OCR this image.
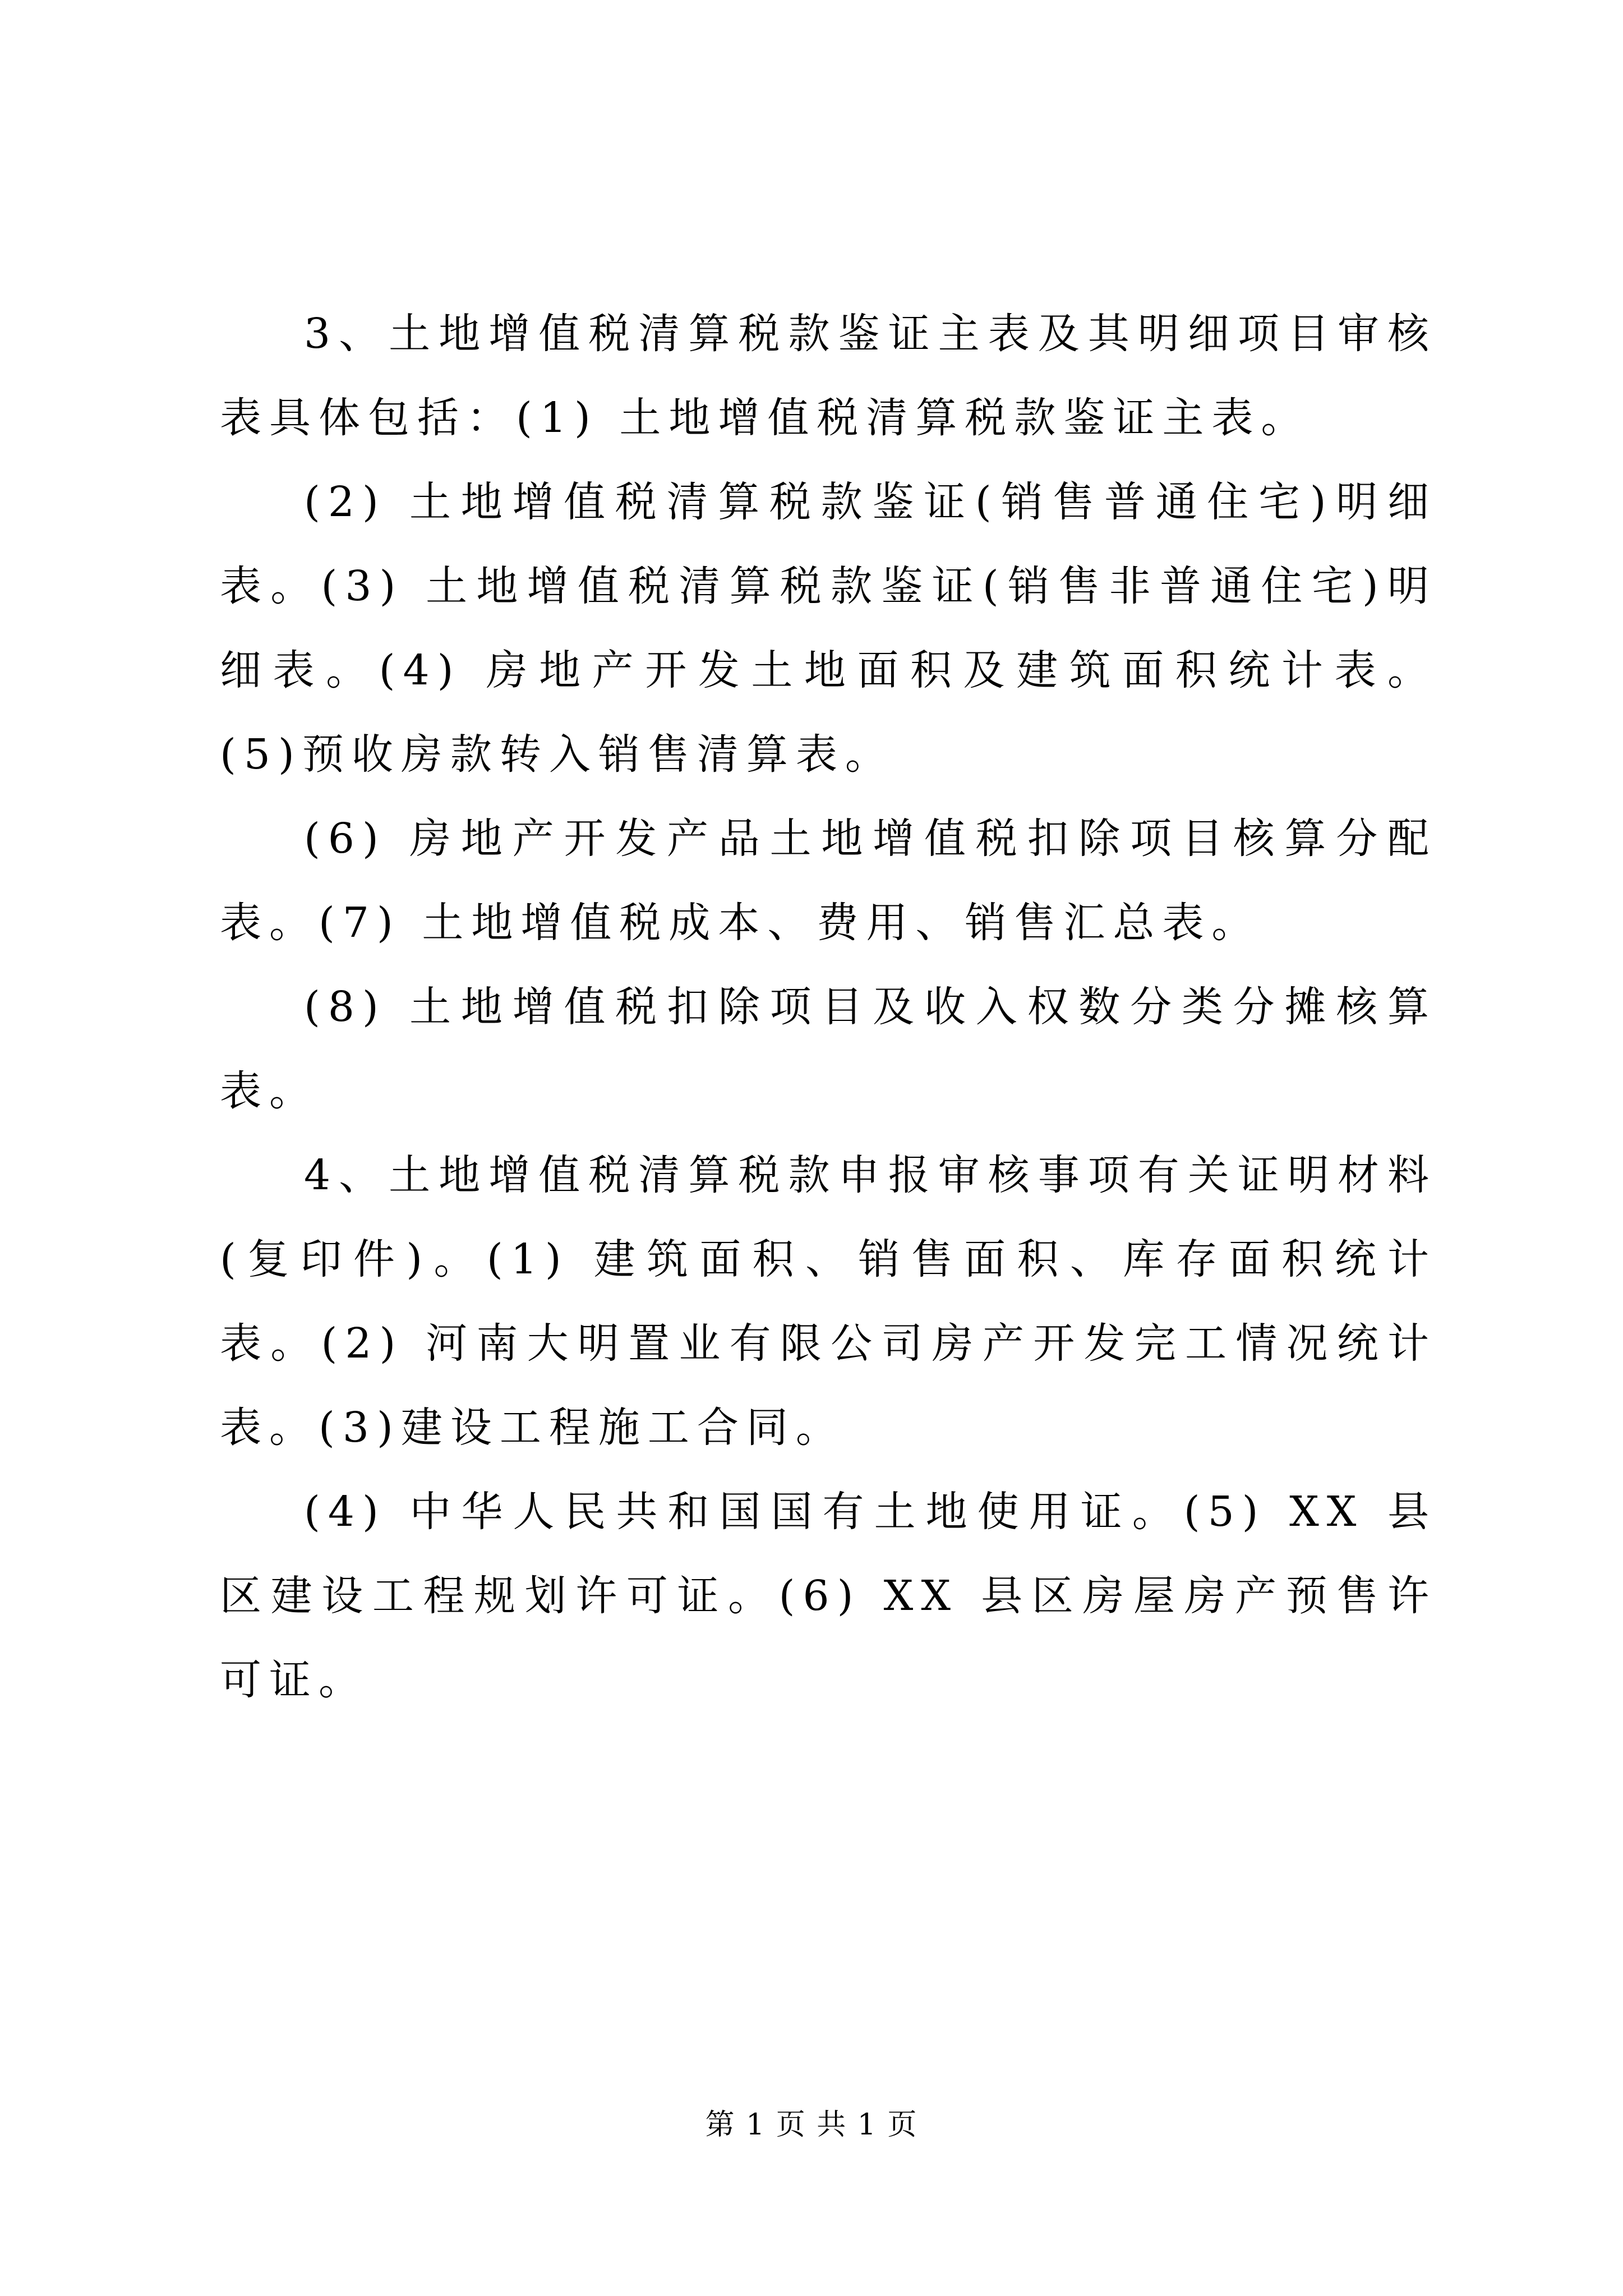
3、土地增值税清算税款鉴证主表及其明细项目审核表具体包括：(1) 土地增值税清算税款鉴证主表。

(2) 土地增值税清算税款鉴证(销售普通住宅)明细表。(3) 土地增值税清算税款鉴证(销售非普通住宅)明细表。(4) 房地产开发土地面积及建筑面积统计表。(5)预收房款转入销售清算表。

(6) 房地产开发产品土地增值税扣除项目核算分配表。(7) 土地增值税成本、费用、销售汇总表。

(8) 土地增值税扣除项目及收入权数分类分摊核算表。

4、土地增值税清算税款申报审核事项有关证明材料(复印件)。(1) 建筑面积、销售面积、库存面积统计表。(2) 河南大明置业有限公司房产开发完工情况统计表。(3)建设工程施工合同。

(4) 中华人民共和国国有土地使用证。(5) XX 县区建设工程规划许可证。(6) XX 县区房屋房产预售许可证。

第 1 页 共 1 页
